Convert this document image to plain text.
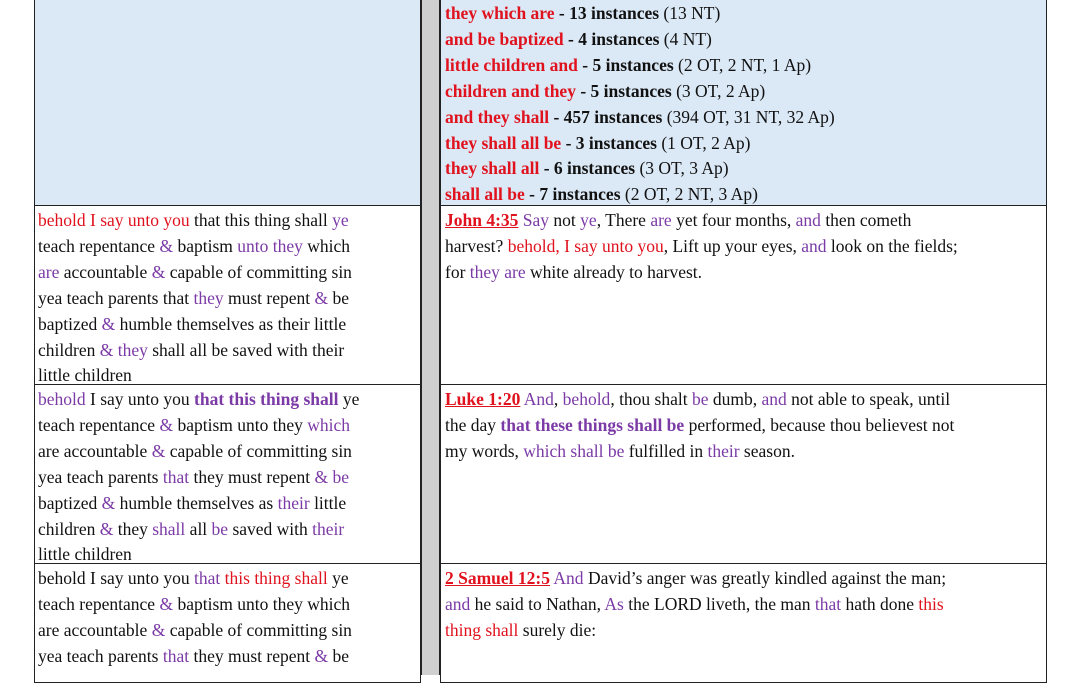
they which are - 13 instances (13 NT)
and be baptized - 4 instances (4 NT)
little children and - 5 instances (2 OT, 2 NT, 1 Ap)
children and they - 5 instances (3 OT, 2 Ap)
and they shall - 457 instances (394 OT, 31 NT, 32 Ap)
they shall all be - 3 instances (1 OT, 2 Ap)
they shall all - 6 instances (3 OT, 3 Ap)
shall all be - 7 instances (2 OT, 2 NT, 3 Ap)
behold I say unto you that this thing shall ye
teach repentance & baptism unto they which
are accountable & capable of committing sin
yea teach parents that they must repent & be
baptized & humble themselves as their little
children & they shall all be saved with their
little children
John 4:35 Say not ye, There are yet four months, and then cometh
harvest? behold, I say unto you, Lift up your eyes, and look on the fields;
for they are white already to harvest.
behold I say unto you that this thing shall ye
teach repentance & baptism unto they which
are accountable & capable of committing sin
yea teach parents that they must repent & be
baptized & humble themselves as their little
children & they shall all be saved with their
little children
Luke 1:20 And, behold, thou shalt be dumb, and not able to speak, until
the day that these things shall be performed, because thou believest not
my words, which shall be fulfilled in their season.
behold I say unto you that this thing shall ye
teach repentance & baptism unto they which
are accountable & capable of committing sin
yea teach parents that they must repent & be
2 Samuel 12:5 And David’s anger was greatly kindled against the man;
and he said to Nathan, As the LORD liveth, the man that hath done this
thing shall surely die:
